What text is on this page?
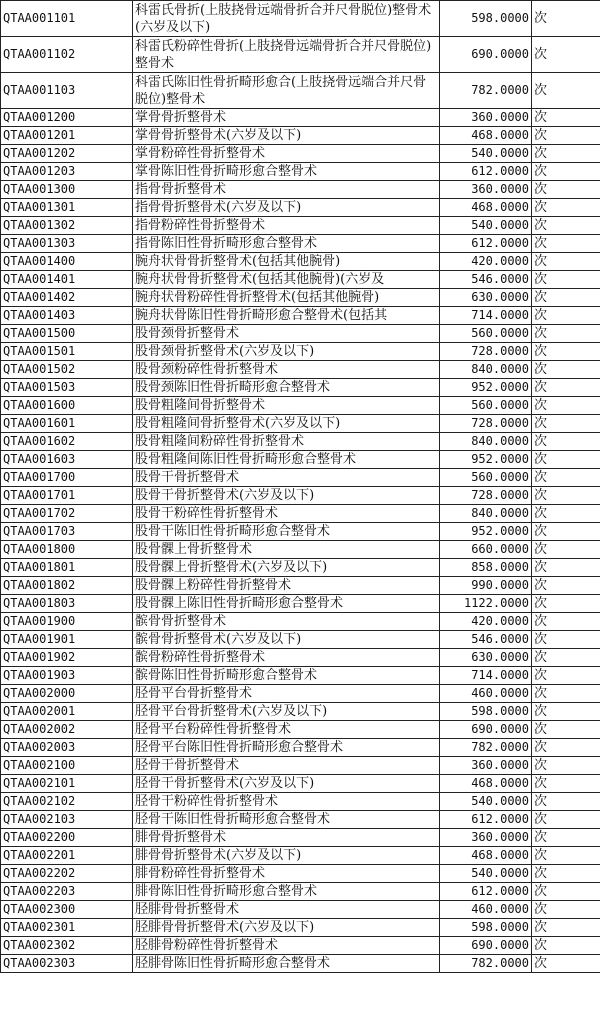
QTAA001101	科雷氏骨折(上肢挠骨远端骨折合并尺骨脱位)整骨术(六岁及以下)	598.0000	次
QTAA001102	科雷氏粉碎性骨折(上肢挠骨远端骨折合并尺骨脱位)整骨术	690.0000	次
QTAA001103	科雷氏陈旧性骨折畸形愈合(上肢挠骨远端合并尺骨脱位)整骨术	782.0000	次
QTAA001200	掌骨骨折整骨术	360.0000	次
QTAA001201	掌骨骨折整骨术(六岁及以下)	468.0000	次
QTAA001202	掌骨粉碎性骨折整骨术	540.0000	次
QTAA001203	掌骨陈旧性骨折畸形愈合整骨术	612.0000	次
QTAA001300	指骨骨折整骨术	360.0000	次
QTAA001301	指骨骨折整骨术(六岁及以下)	468.0000	次
QTAA001302	指骨粉碎性骨折整骨术	540.0000	次
QTAA001303	指骨陈旧性骨折畸形愈合整骨术	612.0000	次
QTAA001400	腕舟状骨骨折整骨术(包括其他腕骨)	420.0000	次
QTAA001401	腕舟状骨骨折整骨术(包括其他腕骨)(六岁及	546.0000	次
QTAA001402	腕舟状骨粉碎性骨折整骨术(包括其他腕骨)	630.0000	次
QTAA001403	腕舟状骨陈旧性骨折畸形愈合整骨术(包括其	714.0000	次
QTAA001500	股骨颈骨折整骨术	560.0000	次
QTAA001501	股骨颈骨折整骨术(六岁及以下)	728.0000	次
QTAA001502	股骨颈粉碎性骨折整骨术	840.0000	次
QTAA001503	股骨颈陈旧性骨折畸形愈合整骨术	952.0000	次
QTAA001600	股骨粗隆间骨折整骨术	560.0000	次
QTAA001601	股骨粗隆间骨折整骨术(六岁及以下)	728.0000	次
QTAA001602	股骨粗隆间粉碎性骨折整骨术	840.0000	次
QTAA001603	股骨粗隆间陈旧性骨折畸形愈合整骨术	952.0000	次
QTAA001700	股骨干骨折整骨术	560.0000	次
QTAA001701	股骨干骨折整骨术(六岁及以下)	728.0000	次
QTAA001702	股骨干粉碎性骨折整骨术	840.0000	次
QTAA001703	股骨干陈旧性骨折畸形愈合整骨术	952.0000	次
QTAA001800	股骨髁上骨折整骨术	660.0000	次
QTAA001801	股骨髁上骨折整骨术(六岁及以下)	858.0000	次
QTAA001802	股骨髁上粉碎性骨折整骨术	990.0000	次
QTAA001803	股骨髁上陈旧性骨折畸形愈合整骨术	1122.0000	次
QTAA001900	髌骨骨折整骨术	420.0000	次
QTAA001901	髌骨骨折整骨术(六岁及以下)	546.0000	次
QTAA001902	髌骨粉碎性骨折整骨术	630.0000	次
QTAA001903	髌骨陈旧性骨折畸形愈合整骨术	714.0000	次
QTAA002000	胫骨平台骨折整骨术	460.0000	次
QTAA002001	胫骨平台骨折整骨术(六岁及以下)	598.0000	次
QTAA002002	胫骨平台粉碎性骨折整骨术	690.0000	次
QTAA002003	胫骨平台陈旧性骨折畸形愈合整骨术	782.0000	次
QTAA002100	胫骨干骨折整骨术	360.0000	次
QTAA002101	胫骨干骨折整骨术(六岁及以下)	468.0000	次
QTAA002102	胫骨干粉碎性骨折整骨术	540.0000	次
QTAA002103	胫骨干陈旧性骨折畸形愈合整骨术	612.0000	次
QTAA002200	腓骨骨折整骨术	360.0000	次
QTAA002201	腓骨骨折整骨术(六岁及以下)	468.0000	次
QTAA002202	腓骨粉碎性骨折整骨术	540.0000	次
QTAA002203	腓骨陈旧性骨折畸形愈合整骨术	612.0000	次
QTAA002300	胫腓骨骨折整骨术	460.0000	次
QTAA002301	胫腓骨骨折整骨术(六岁及以下)	598.0000	次
QTAA002302	胫腓骨粉碎性骨折整骨术	690.0000	次
QTAA002303	胫腓骨陈旧性骨折畸形愈合整骨术	782.0000	次
